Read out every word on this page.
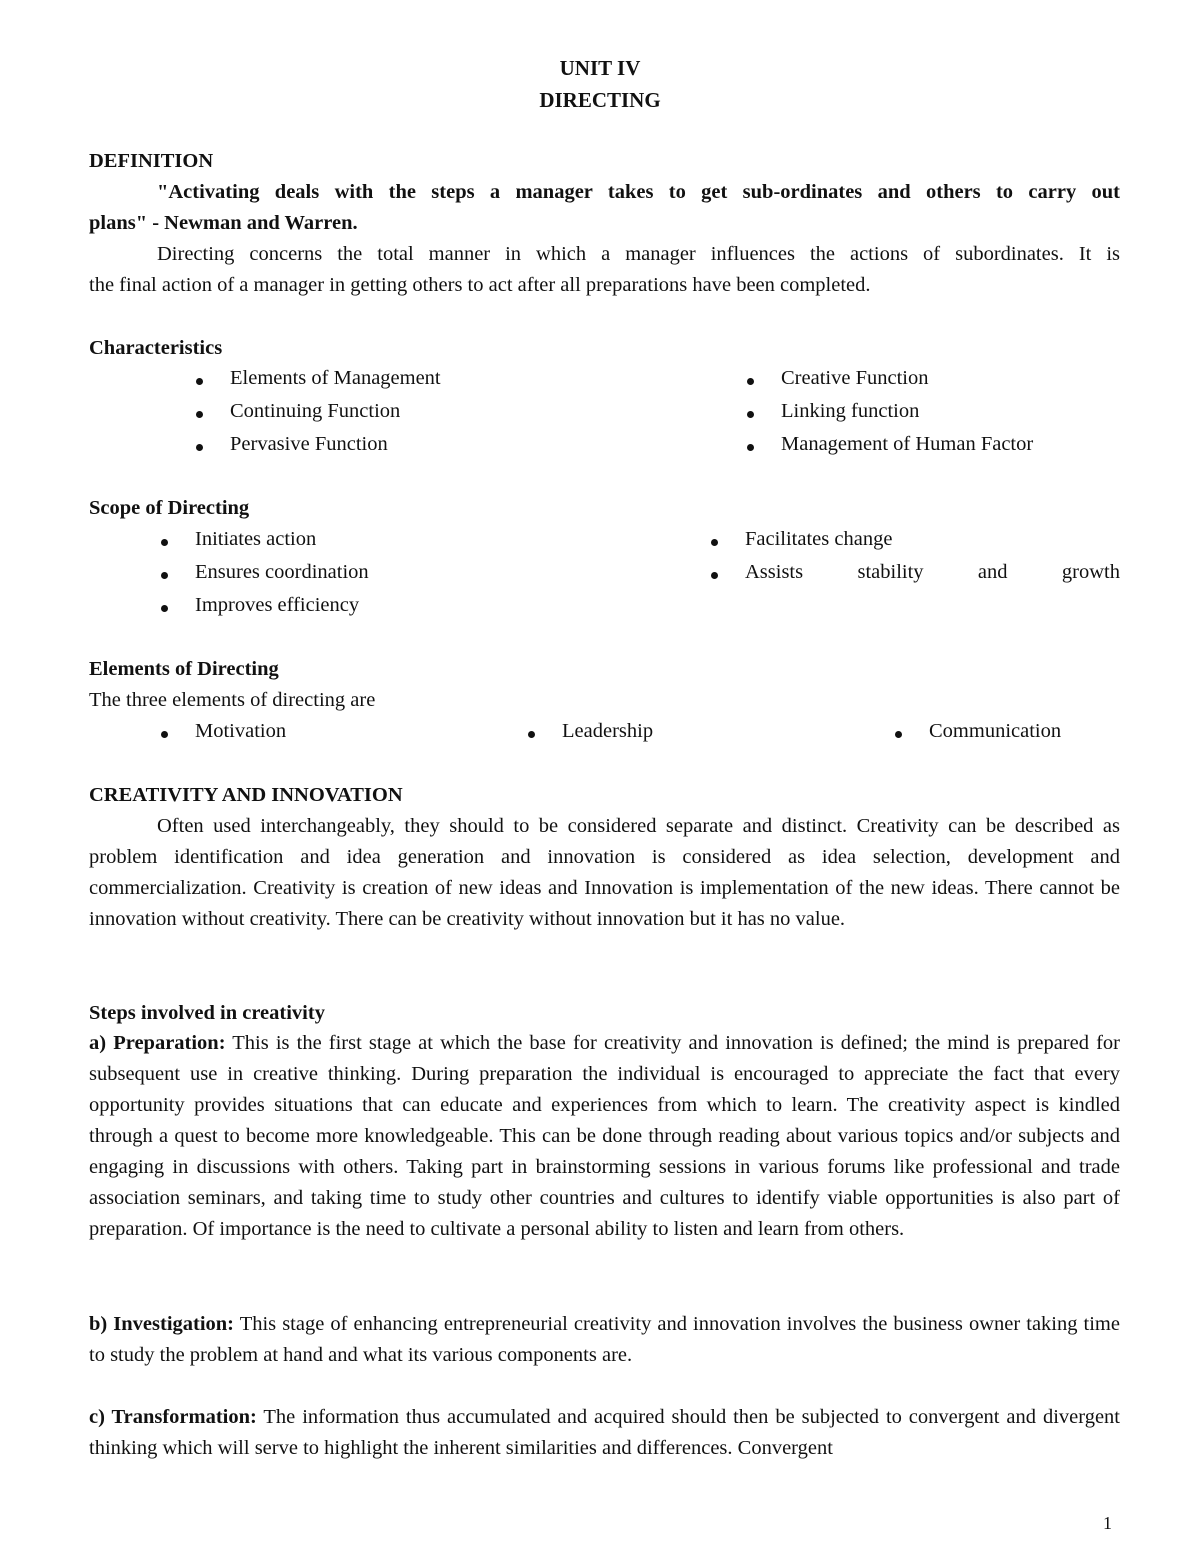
UNIT IV
DIRECTING
DEFINITION
"Activating deals with the steps a manager takes to get sub-ordinates and others to carry out
plans" - Newman and Warren.
Directing concerns the total manner in which a manager influences the actions of subordinates. It is
the final action of a manager in getting others to act after all preparations have been completed.
Characteristics
Elements of Management
Continuing Function
Pervasive Function
Creative Function
Linking function
Management of Human Factor
Scope of Directing
Initiates action
Ensures coordination
Improves efficiency
Facilitates change
Assists	stability	and	growth
Elements of Directing
The three elements of directing are
Motivation	Leadership	Communication
CREATIVITY AND INNOVATION

Often used interchangeably, they should to be considered separate and distinct. Creativity can be described as problem identification and idea generation and innovation is considered as idea selection, development and commercialization. Creativity is creation of new ideas and Innovation is implementation of the new ideas. There cannot be innovation without creativity. There can be creativity without innovation but it has no value.

Steps involved in creativity

a) Preparation: This is the first stage at which the base for creativity and innovation is defined; the mind is prepared for subsequent use in creative thinking. During preparation the individual is encouraged to appreciate the fact that every opportunity provides situations that can educate and experiences from which to learn. The creativity aspect is kindled through a quest to become more knowledgeable. This can be done through reading about various topics and/or subjects and engaging in discussions with others. Taking part in brainstorming sessions in various forums like professional and trade association seminars, and taking time to study other countries and cultures to identify viable opportunities is also part of preparation. Of importance is the need to cultivate a personal ability to listen and learn from others.

b) Investigation: This stage of enhancing entrepreneurial creativity and innovation involves the business owner taking time to study the problem at hand and what its various components are.

c) Transformation: The information thus accumulated and acquired should then be subjected to convergent and divergent thinking which will serve to highlight the inherent similarities and differences. Convergent

1
